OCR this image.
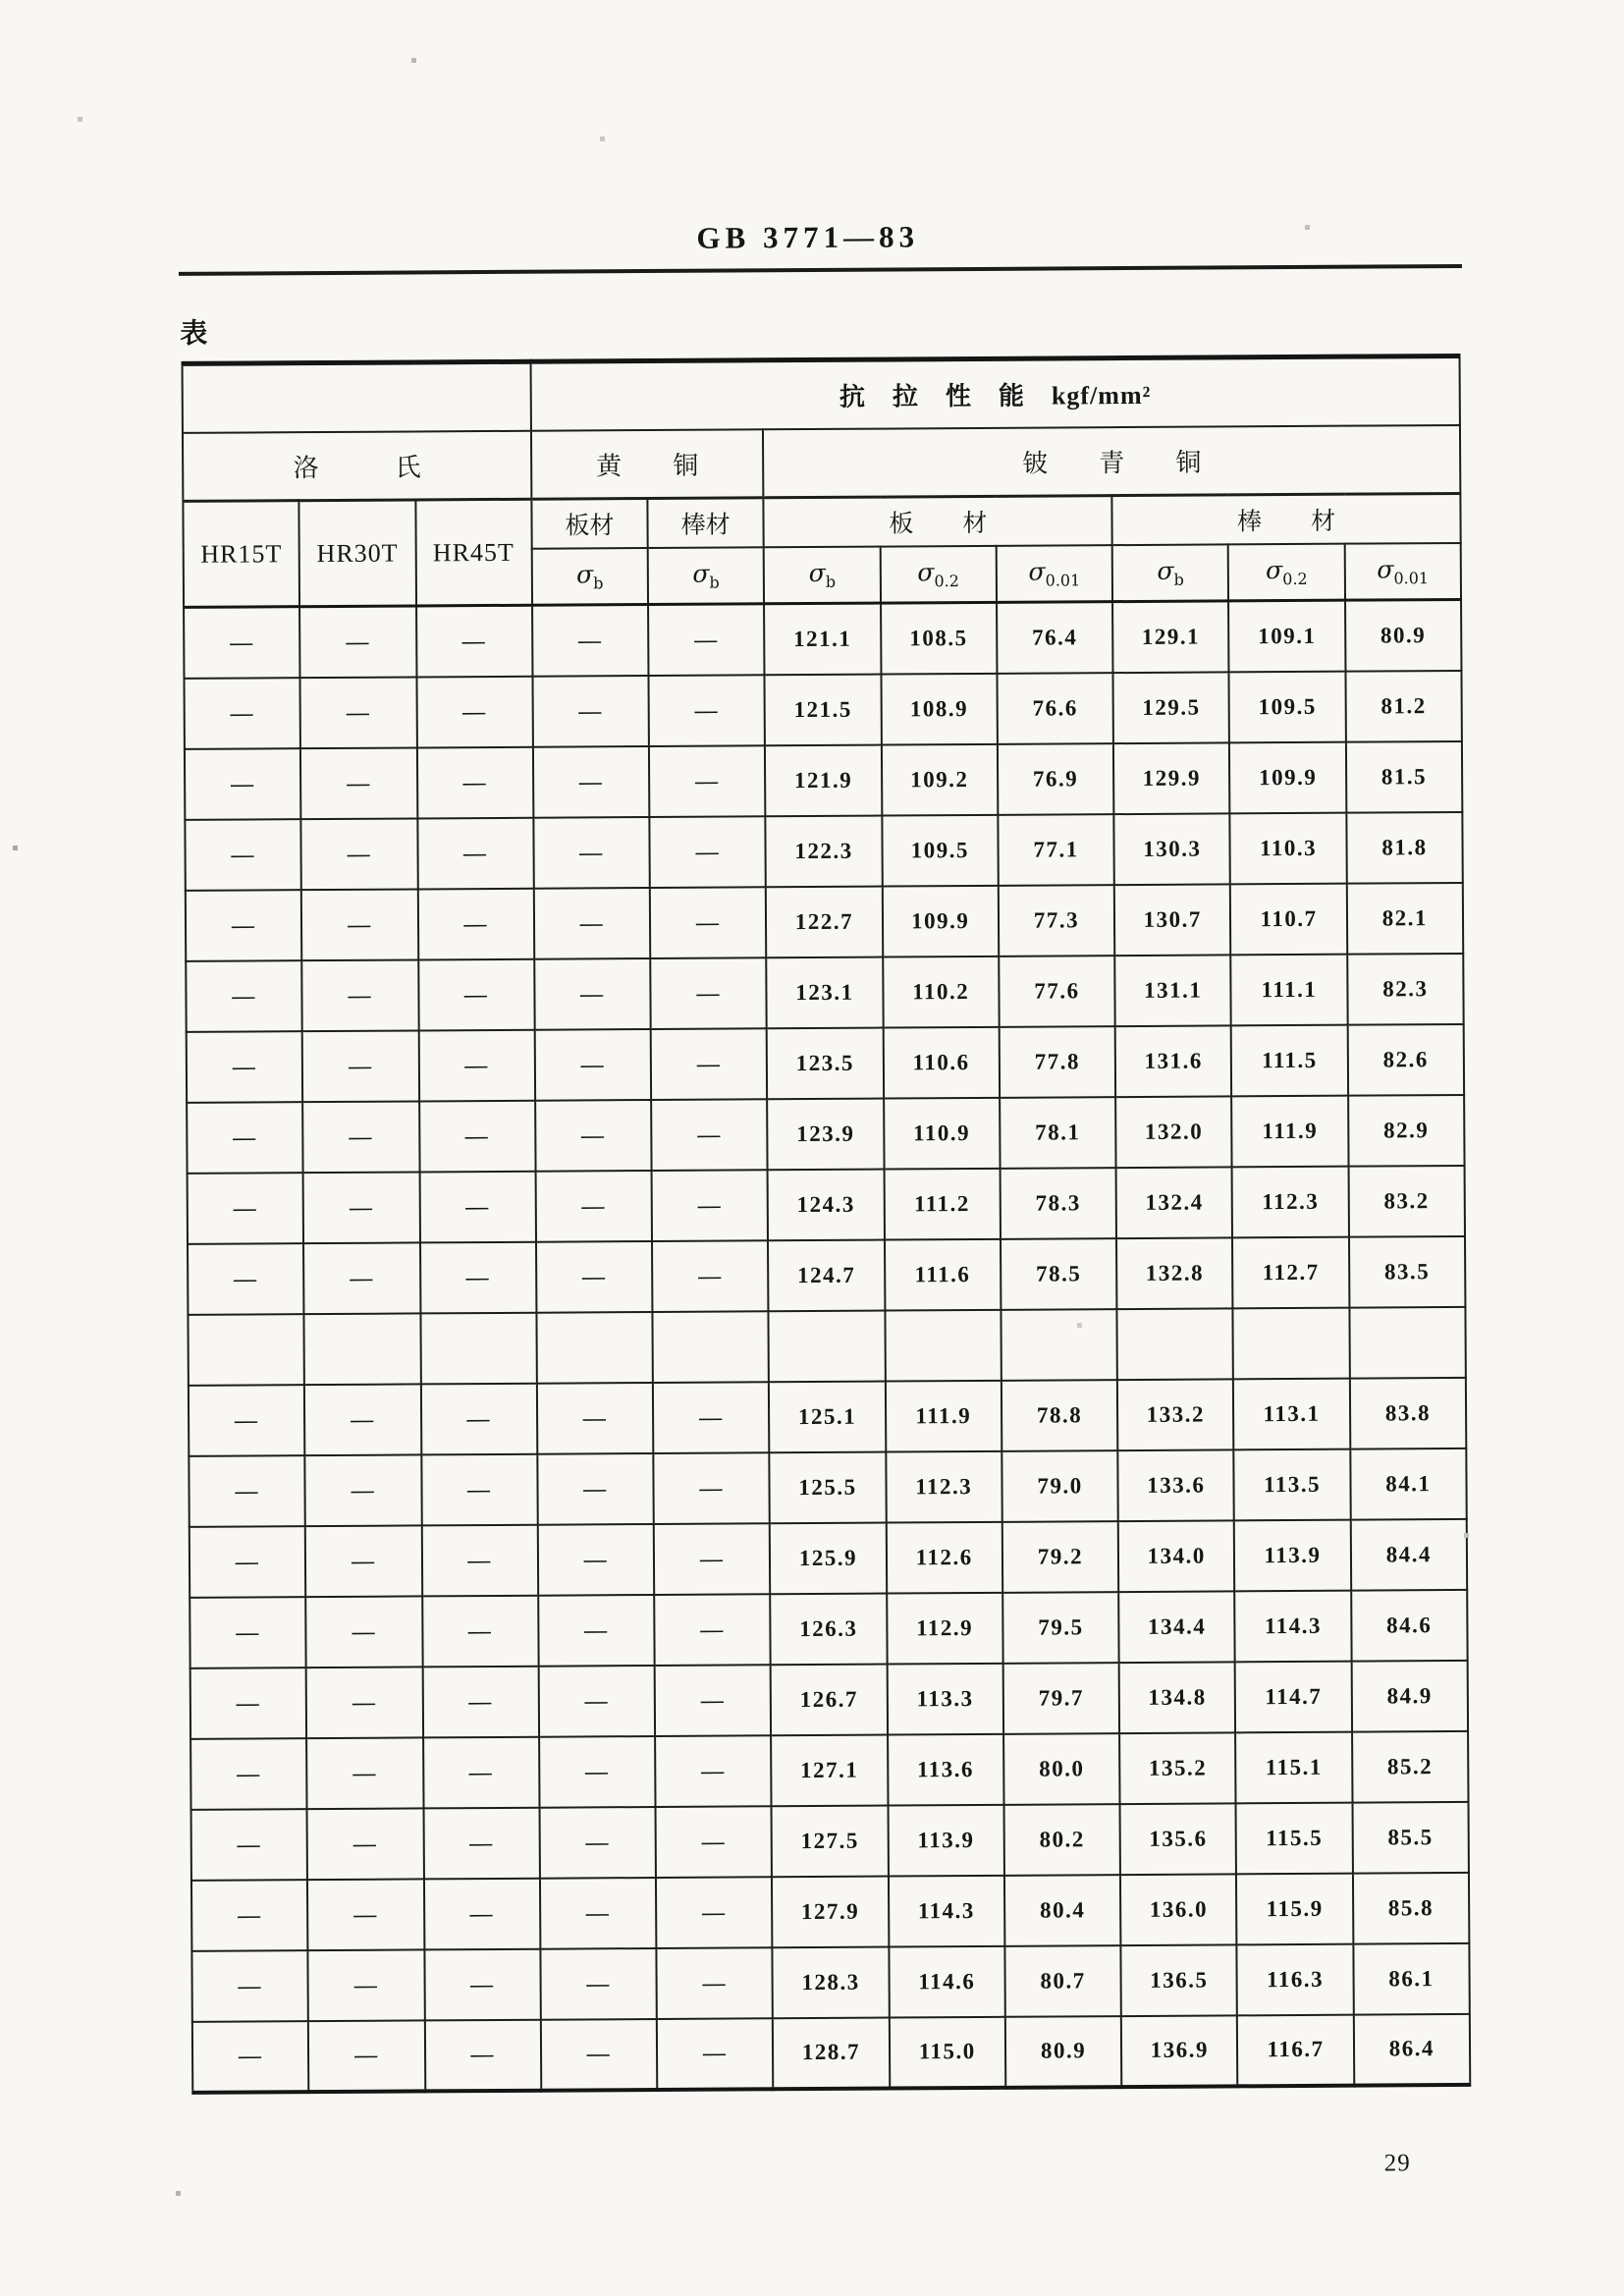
GB 3771—83
表
			抗　拉　性　能　kgf/mm²							
洛　　　氏			黄　　铜		铍　　青　　铜					
HR15T	HR30T	HR45T	板材	棒材	板　　材			棒　　材		
			$\sigma_b$	$\sigma_b$	$\sigma_b$	$\sigma_{0.2}$	$\sigma_{0.01}$	$\sigma_b$	$\sigma_{0.2}$	$\sigma_{0.01}$
—	—	—	—	—	121.1	108.5	76.4	129.1	109.1	80.9
—	—	—	—	—	121.5	108.9	76.6	129.5	109.5	81.2
—	—	—	—	—	121.9	109.2	76.9	129.9	109.9	81.5
—	—	—	—	—	122.3	109.5	77.1	130.3	110.3	81.8
—	—	—	—	—	122.7	109.9	77.3	130.7	110.7	82.1
—	—	—	—	—	123.1	110.2	77.6	131.1	111.1	82.3
—	—	—	—	—	123.5	110.6	77.8	131.6	111.5	82.6
—	—	—	—	—	123.9	110.9	78.1	132.0	111.9	82.9
—	—	—	—	—	124.3	111.2	78.3	132.4	112.3	83.2
—	—	—	—	—	124.7	111.6	78.5	132.8	112.7	83.5

—	—	—	—	—	125.1	111.9	78.8	133.2	113.1	83.8
—	—	—	—	—	125.5	112.3	79.0	133.6	113.5	84.1
—	—	—	—	—	125.9	112.6	79.2	134.0	113.9	84.4
—	—	—	—	—	126.3	112.9	79.5	134.4	114.3	84.6
—	—	—	—	—	126.7	113.3	79.7	134.8	114.7	84.9
—	—	—	—	—	127.1	113.6	80.0	135.2	115.1	85.2
—	—	—	—	—	127.5	113.9	80.2	135.6	115.5	85.5
—	—	—	—	—	127.9	114.3	80.4	136.0	115.9	85.8
—	—	—	—	—	128.3	114.6	80.7	136.5	116.3	86.1
—	—	—	—	—	128.7	115.0	80.9	136.9	116.7	86.4
29
